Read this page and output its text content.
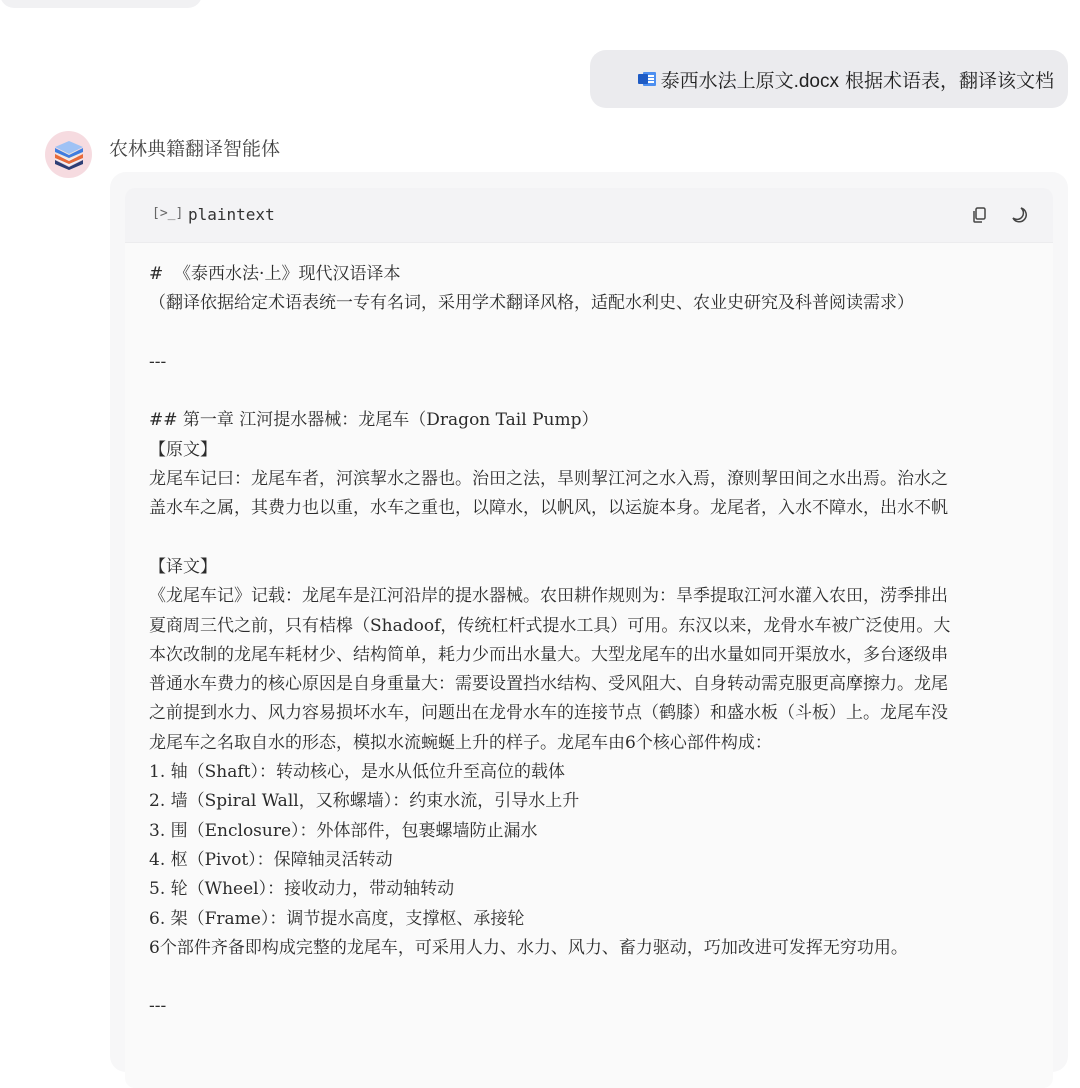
泰西水法上原文.docx 根据术语表，翻译该文档
农林典籍翻译智能体
[>_] plaintext
#  《泰西水法·上》现代汉语译本
（翻译依据给定术语表统一专有名词，采用学术翻译风格，适配水利史、农业史研究及科普阅读需求）

---

## 第一章 江河提水器械：龙尾车（Dragon Tail Pump）
【原文】
龙尾车记曰：龙尾车者，河滨挈水之器也。治田之法，旱则挈江河之水入焉，潦则挈田间之水出焉。治水之
盖水车之属，其费力也以重，水车之重也，以障水，以帆风，以运旋本身。龙尾者，入水不障水，出水不帆

【译文】
《龙尾车记》记载：龙尾车是江河沿岸的提水器械。农田耕作规则为：旱季提取江河水灌入农田，涝季排出
夏商周三代之前，只有桔槔（Shadoof，传统杠杆式提水工具）可用。东汉以来，龙骨水车被广泛使用。大
本次改制的龙尾车耗材少、结构简单，耗力少而出水量大。大型龙尾车的出水量如同开渠放水，多台逐级串
普通水车费力的核心原因是自身重量大：需要设置挡水结构、受风阻大、自身转动需克服更高摩擦力。龙尾
之前提到水力、风力容易损坏水车，问题出在龙骨水车的连接节点（鹤膝）和盛水板（斗板）上。龙尾车没
龙尾车之名取自水的形态，模拟水流蜿蜒上升的样子。龙尾车由6个核心部件构成：
1. 轴（Shaft）：转动核心，是水从低位升至高位的载体
2. 墙（Spiral Wall，又称螺墙）：约束水流，引导水上升
3. 围（Enclosure）：外体部件，包裹螺墙防止漏水
4. 枢（Pivot）：保障轴灵活转动
5. 轮（Wheel）：接收动力，带动轴转动
6. 架（Frame）：调节提水高度，支撑枢、承接轮
6个部件齐备即构成完整的龙尾车，可采用人力、水力、风力、畜力驱动，巧加改进可发挥无穷功用。

---
